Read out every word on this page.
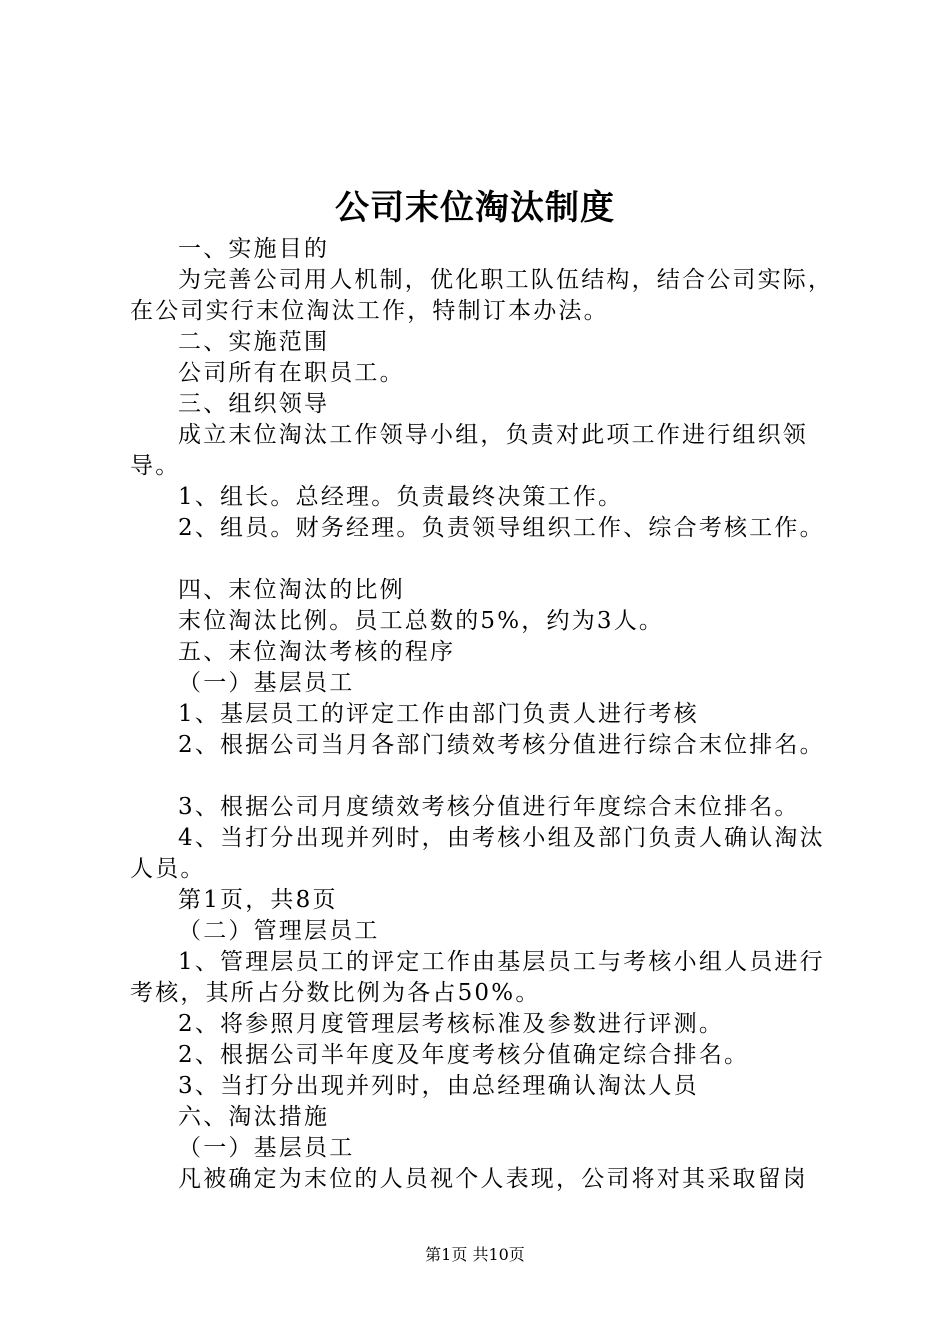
公司末位淘汰制度

一、实施目的

为完善公司用人机制，优化职工队伍结构，结合公司实际，在公司实行末位淘汰工作，特制订本办法。

二、实施范围

公司所有在职员工。

三、组织领导

成立末位淘汰工作领导小组，负责对此项工作进行组织领导。

1、组长。总经理。负责最终决策工作。

2、组员。财务经理。负责领导组织工作、综合考核工作。

四、末位淘汰的比例

末位淘汰比例。员工总数的5%，约为3人。

五、末位淘汰考核的程序

（一）基层员工

1、基层员工的评定工作由部门负责人进行考核

2、根据公司当月各部门绩效考核分值进行综合末位排名。

3、根据公司月度绩效考核分值进行年度综合末位排名。

4、当打分出现并列时，由考核小组及部门负责人确认淘汰人员。

第1页，共8页

（二）管理层员工

1、管理层员工的评定工作由基层员工与考核小组人员进行考核，其所占分数比例为各占50%。

2、将参照月度管理层考核标准及参数进行评测。

2、根据公司半年度及年度考核分值确定综合排名。

3、当打分出现并列时，由总经理确认淘汰人员

六、淘汰措施

（一）基层员工

凡被确定为末位的人员视个人表现，公司将对其采取留岗

第1页 共10页
